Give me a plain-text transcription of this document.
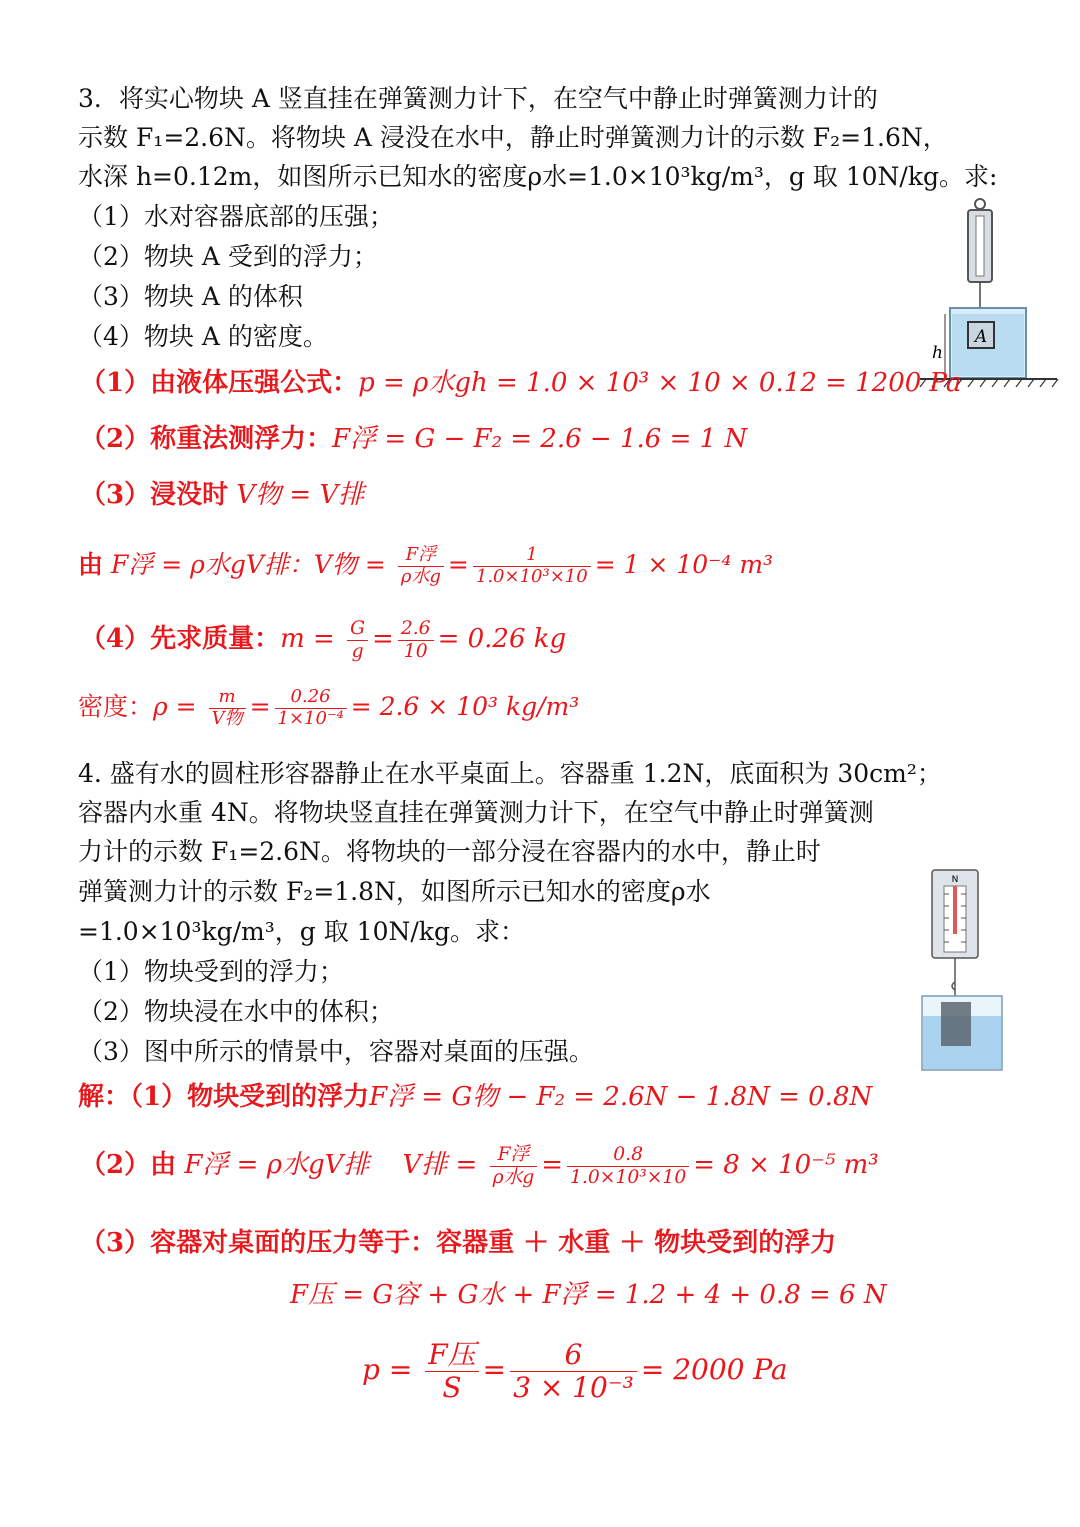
3．将实心物块 A 竖直挂在弹簧测力计下，在空气中静止时弹簧测力计的
示数 F₁=2.6N。将物块 A 浸没在水中，静止时弹簧测力计的示数 F₂=1.6N，
水深 h=0.12m，如图所示已知水的密度ρ水=1.0×10³kg/m³，g 取 10N/kg。求:
（1）水对容器底部的压强；
（2）物块 A 受到的浮力；
（3）物块 A 的体积
（4）物块 A 的密度。	A
h
（1）由液体压强公式：p = ρ水gh = 1.0 × 10³ × 10 × 0.12 = 1200 Pa
（2）称重法测浮力：F浮 = G − F₂ = 2.6 − 1.6 = 1 N
（3）浸没时 V物 = V排
由 F浮 = ρ水gV排：V物 = $\frac{\text{F浮}}{\text{ρ水g}} = \frac{1}{\text{1.0×10³×10}} = 1 \times 10^{-4}$ m³
（4）先求质量：$m = \frac{G}{g} = \frac{2.6}{10} = 0.26$ kg
密度：$\rho = \frac{m}{\text{V物}} = \frac{0.26}{\text{1×10⁻⁴}} = 2.6 \times 10^3$ kg/m³
4. 盛有水的圆柱形容器静止在水平桌面上。容器重 1.2N，底面积为 30cm²；
容器内水重 4N。将物块竖直挂在弹簧测力计下，在空气中静止时弹簧测
力计的示数 F₁=2.6N。将物块的一部分浸在容器内的水中，静止时
弹簧测力计的示数 F₂=1.8N，如图所示已知水的密度ρ水
=1.0×10³kg/m³，g 取 10N/kg。求：
（1）物块受到的浮力；
（2）物块浸在水中的体积；
（3）图中所示的情景中，容器对桌面的压强。
N
解：（1）物块受到的浮力F浮 = G物 − F₂ = 2.6N − 1.8N = 0.8N
（2）由 F浮 = ρ水gV排 V排 = $\frac{\text{F浮}}{\text{ρ水g}} = \frac{0.8}{\text{1.0×10³×10}} = 8 \times 10^{-5}$ m³
（3）容器对桌面的压力等于：容器重 ＋ 水重 ＋ 物块受到的浮力
F压 = G容 + G水 + F浮 = 1.2 + 4 + 0.8 = 6 N
$p = \frac{\text{F压}}{S} = \frac{6}{\text{3 × 10⁻³}} = 2000$ Pa
